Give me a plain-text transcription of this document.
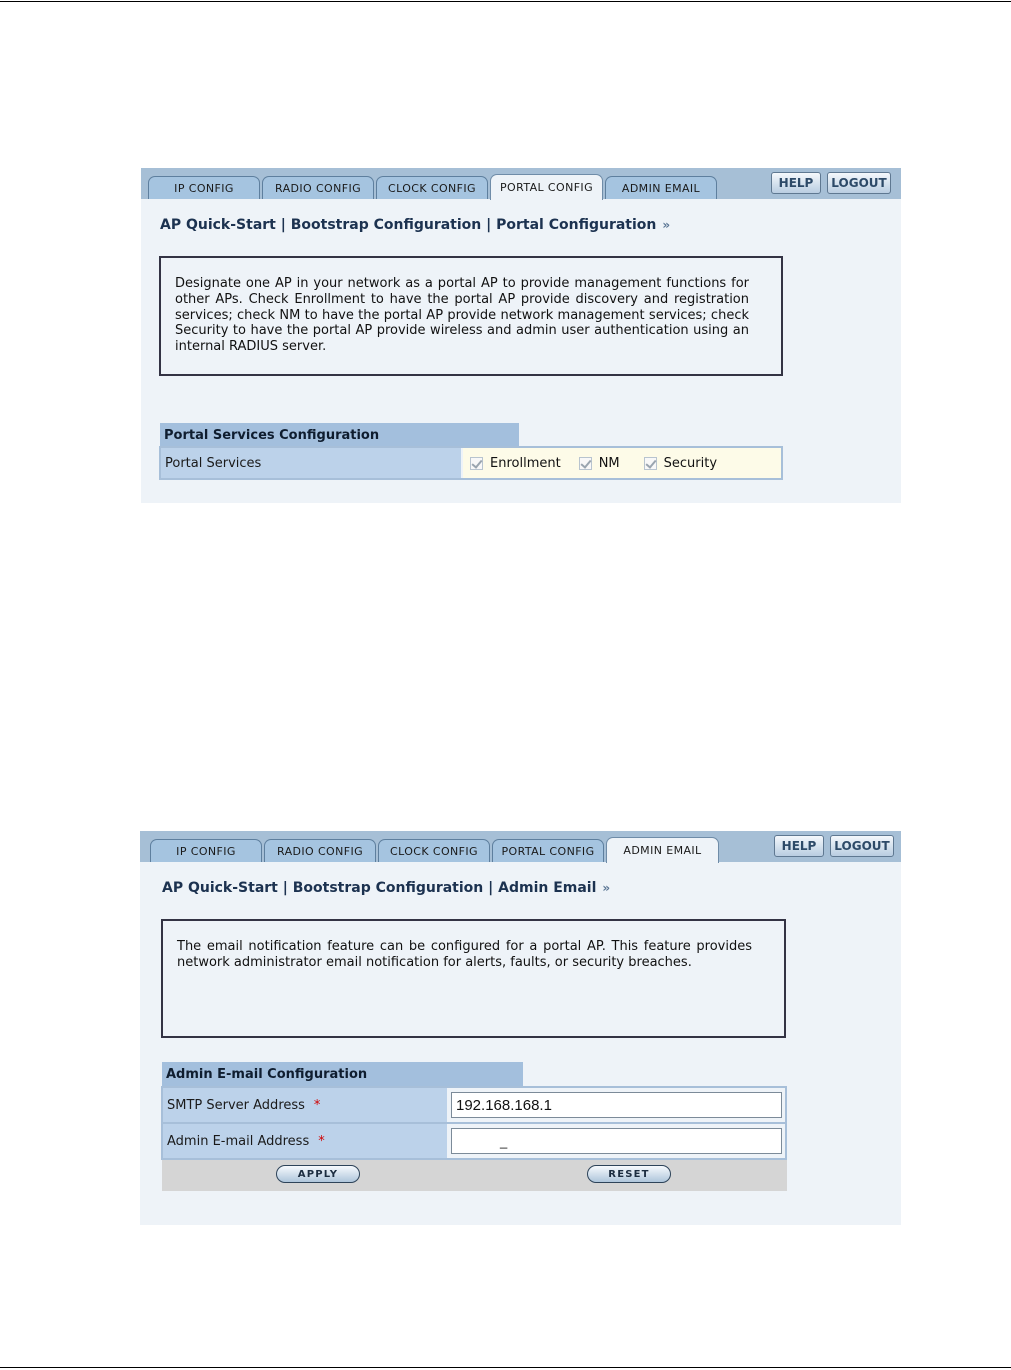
IP CONFIG	RADIO CONFIG	CLOCK CONFIG	PORTAL CONFIG	ADMIN EMAIL	HELP	LOGOUT
AP Quick-Start | Bootstrap Configuration | Portal Configuration »
Designate one AP in your network as a portal AP to provide management functions for other APs. Check Enrollment to have the portal AP provide discovery and registration services; check NM to have the portal AP provide network management services; check Security to have the portal AP provide wireless and admin user authentication using an internal RADIUS server.
Portal Services Configuration
Portal Services	Enrollment	NM	Security
IP CONFIG	RADIO CONFIG	CLOCK CONFIG	PORTAL CONFIG	ADMIN EMAIL	HELP	LOGOUT
AP Quick-Start | Bootstrap Configuration | Admin Email »
The email notification feature can be configured for a portal AP. This feature provides network administrator email notification for alerts, faults, or security breaches.
Admin E-mail Configuration
SMTP Server Address *	192.168.168.1
Admin E-mail Address *	_
APPLY	RESET
